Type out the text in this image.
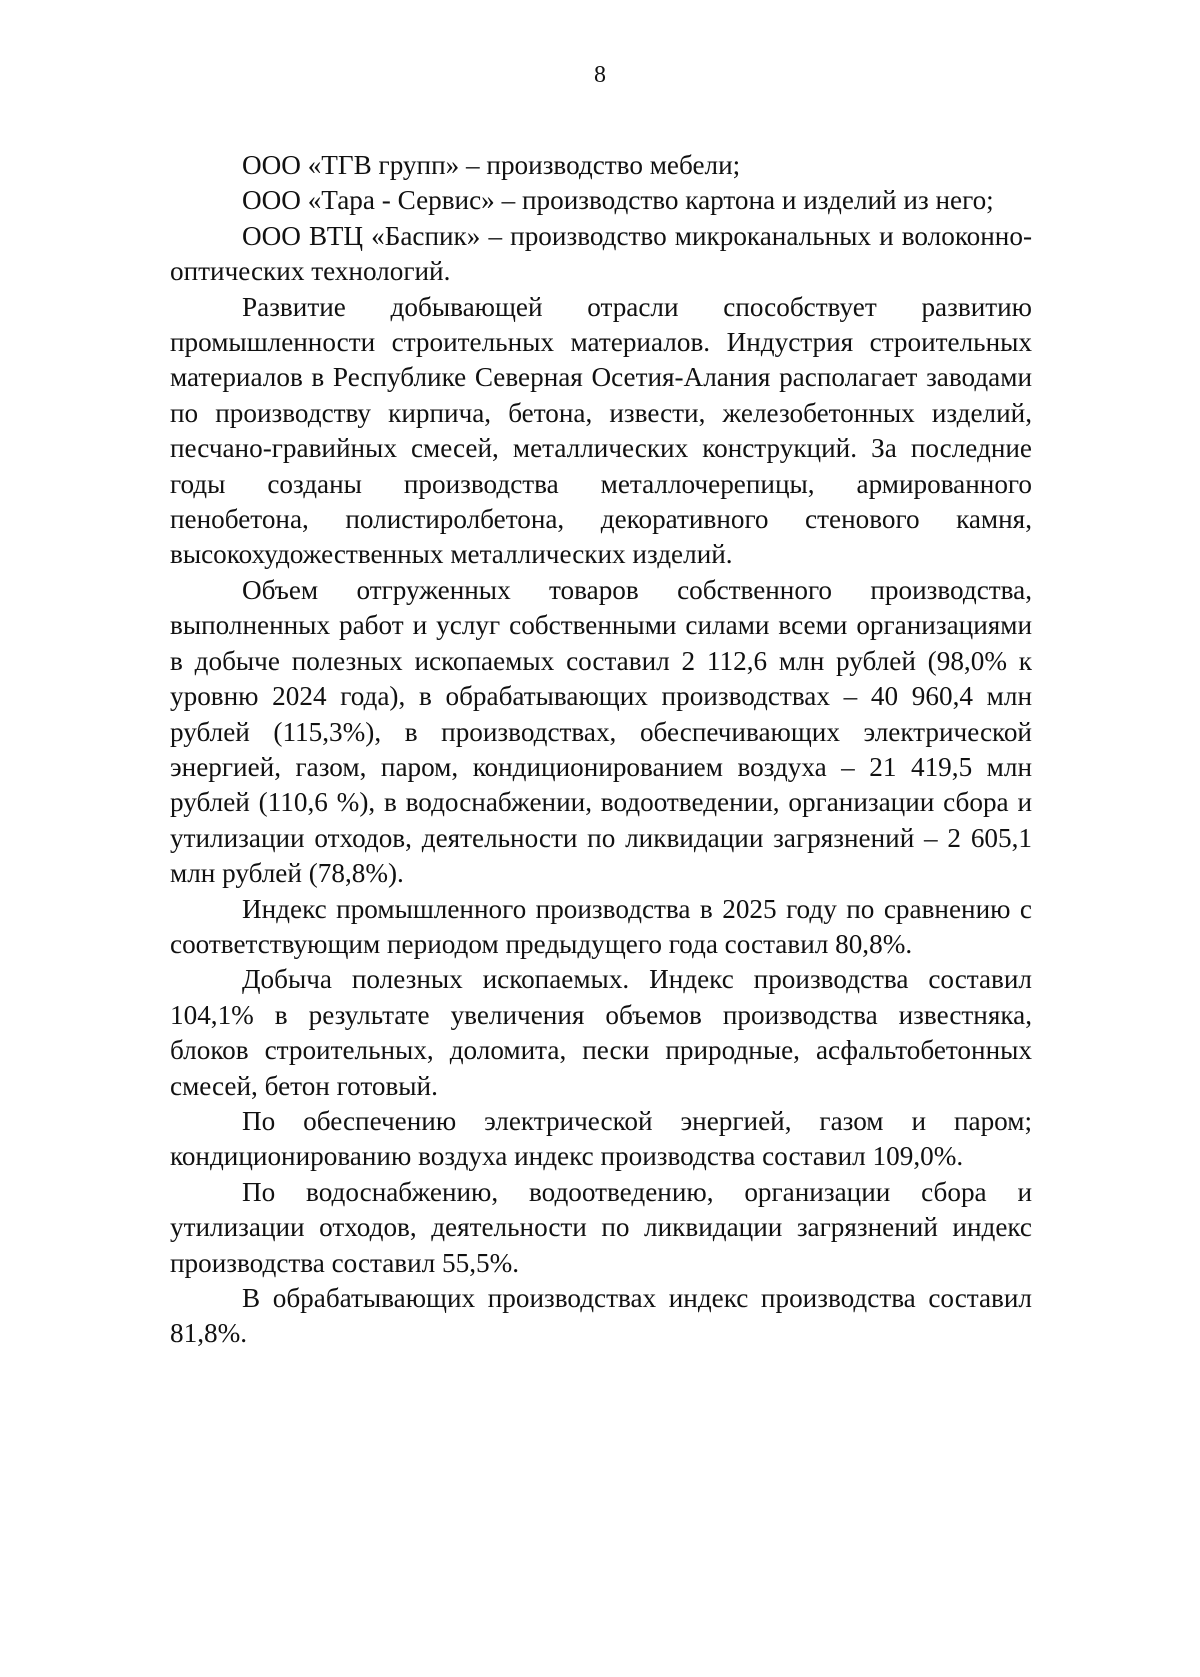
8

ООО «ТГВ групп» – производство мебели;

ООО «Тара - Сервис» – производство картона и изделий из него;

ООО ВТЦ «Баспик» – производство микроканальных и волоконно-оптических технологий.

Развитие добывающей отрасли способствует развитию промышленности строительных материалов. Индустрия строительных материалов в Республике Северная Осетия-Алания располагает заводами по производству кирпича, бетона, извести, железобетонных изделий, песчано-гравийных смесей, металлических конструкций. За последние годы созданы производства металлочерепицы, армированного пенобетона, полистиролбетона, декоративного стенового камня, высокохудожественных металлических изделий.

Объем отгруженных товаров собственного производства, выполненных работ и услуг собственными силами всеми организациями в добыче полезных ископаемых составил 2 112,6 млн рублей (98,0% к уровню 2024 года), в обрабатывающих производствах – 40 960,4 млн рублей (115,3%), в производствах, обеспечивающих электрической энергией, газом, паром, кондиционированием воздуха – 21 419,5 млн рублей (110,6 %), в водоснабжении, водоотведении, организации сбора и утилизации отходов, деятельности по ликвидации загрязнений – 2 605,1 млн рублей (78,8%).

Индекс промышленного производства в 2025 году по сравнению с соответствующим периодом предыдущего года составил 80,8%.

Добыча полезных ископаемых. Индекс производства составил 104,1% в результате увеличения объемов производства известняка, блоков строительных, доломита, пески природные, асфальтобетонных смесей, бетон готовый.

По обеспечению электрической энергией, газом и паром; кондиционированию воздуха индекс производства составил 109,0%.

По водоснабжению, водоотведению, организации сбора и утилизации отходов, деятельности по ликвидации загрязнений индекс производства составил 55,5%.

В обрабатывающих производствах индекс производства составил 81,8%.
